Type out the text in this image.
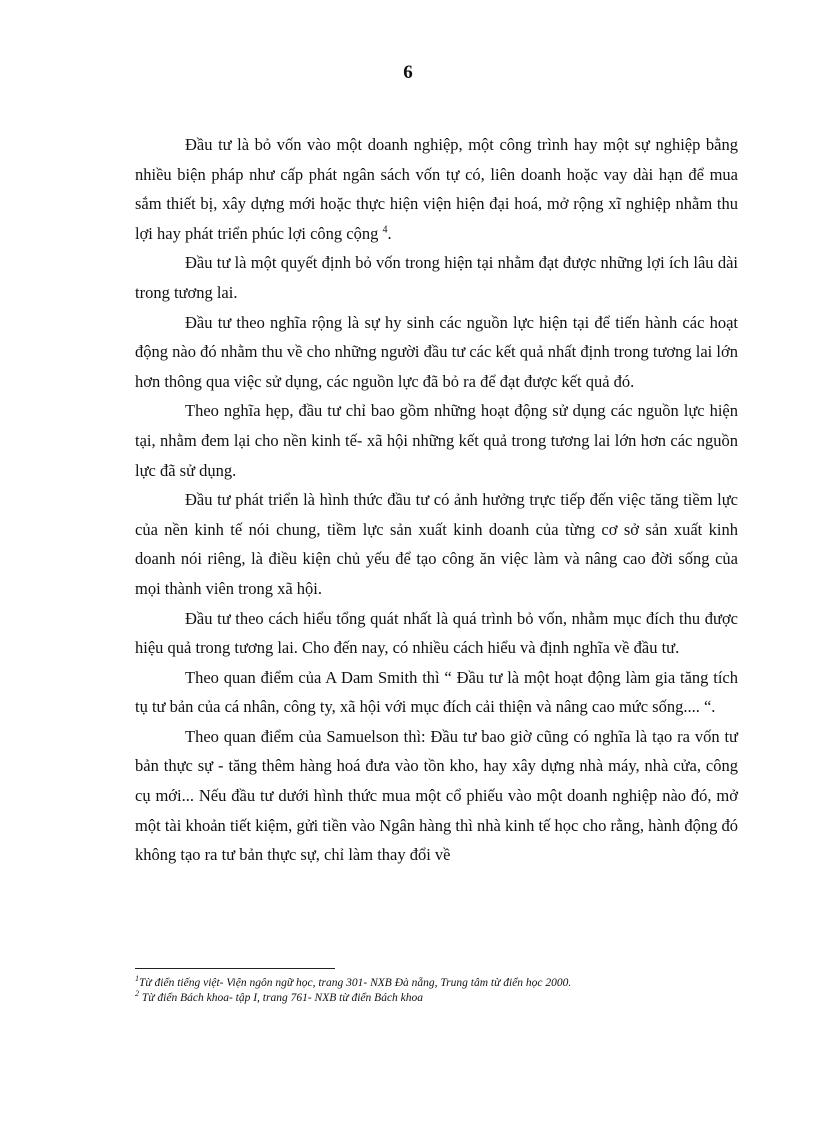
6

Đầu tư là bỏ vốn vào một doanh nghiệp, một công trình hay một sự nghiệp bằng nhiều biện pháp như cấp phát ngân sách vốn tự có, liên doanh hoặc vay dài hạn để mua sắm thiết bị, xây dựng mới hoặc thực hiện viện hiện đại hoá, mở rộng xĩ nghiệp nhằm thu lợi hay phát triển phúc lợi công cộng $^4$.

Đầu tư là một quyết định bỏ vốn trong hiện tại nhằm đạt được những lợi ích lâu dài trong tương lai.

Đầu tư theo nghĩa rộng là sự hy sinh các nguồn lực hiện tại để tiến hành các hoạt động nào đó nhằm thu về cho những người đầu tư các kết quả nhất định trong tương lai lớn hơn thông qua việc sử dụng, các nguồn lực đã bỏ ra để đạt được kết quả đó.

Theo nghĩa hẹp, đầu tư chỉ bao gồm những hoạt động sử dụng các nguồn lực hiện tại, nhằm đem lại cho nền kinh tế- xã hội những kết quả trong tương lai lớn hơn các nguồn lực đã sử dụng.

Đầu tư phát triển là hình thức đầu tư có ảnh hưởng trực tiếp đến việc tăng tiềm lực của nền kinh tế nói chung, tiềm lực sản xuất kinh doanh của từng cơ sở sản xuất kinh doanh nói riêng, là điều kiện chủ yếu để tạo công ăn việc làm và nâng cao đời sống của mọi thành viên trong xã hội.

Đầu tư theo cách hiểu tổng quát nhất là quá trình bỏ vốn, nhằm mục đích thu được hiệu quả trong tương lai. Cho đến nay, có nhiều cách hiểu và định nghĩa về đầu tư.

Theo quan điểm của A Dam Smith thì “ Đầu tư là một hoạt động làm gia tăng tích tụ tư bản của cá nhân, công ty, xã hội với mục đích cải thiện và nâng cao mức sống.... “.

Theo quan điểm của Samuelson thì: Đầu tư bao giờ cũng có nghĩa là tạo ra vốn tư bản thực sự - tăng thêm hàng hoá đưa vào tồn kho, hay xây dựng nhà máy, nhà cửa, công cụ mới... Nếu đầu tư dưới hình thức mua một cổ phiếu vào một doanh nghiệp nào đó, mở một tài khoản tiết kiệm, gửi tiền vào Ngân hàng thì nhà kinh tế học cho rằng, hành động đó không tạo ra tư bản thực sự, chỉ làm thay đổi về

$^1$Từ điển tiếng việt- Viện ngôn ngữ học, trang 301- NXB Đà nẵng, Trung tâm từ điển học 2000.

$^2$ Từ điển Bách khoa- tập I, trang 761- NXB từ điển Bách khoa
